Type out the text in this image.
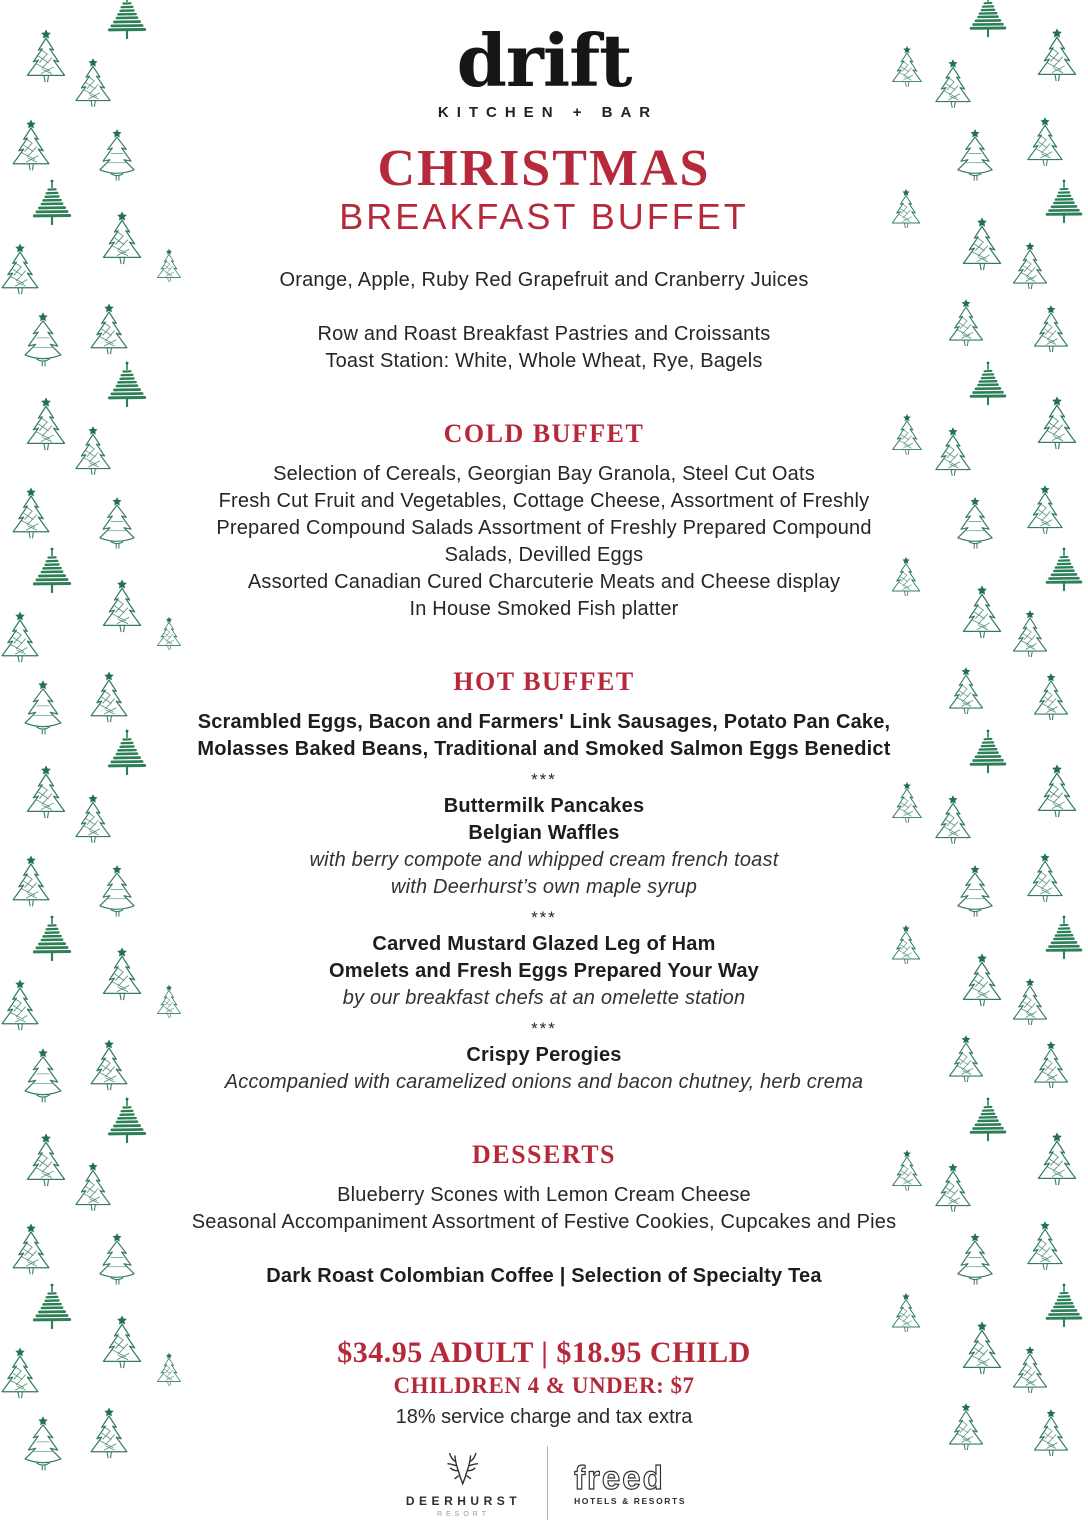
drift
KITCHEN + BAR
CHRISTMAS
BREAKFAST BUFFET
Orange, Apple, Ruby Red Grapefruit and Cranberry Juices
Row and Roast Breakfast Pastries and Croissants
Toast Station: White, Whole Wheat, Rye, Bagels
COLD BUFFET
Selection of Cereals, Georgian Bay Granola, Steel Cut Oats
Fresh Cut Fruit and Vegetables, Cottage Cheese, Assortment of Freshly
Prepared Compound Salads Assortment of Freshly Prepared Compound
Salads, Devilled Eggs
Assorted Canadian Cured Charcuterie Meats and Cheese display
In House Smoked Fish platter
HOT BUFFET
Scrambled Eggs, Bacon and Farmers' Link Sausages, Potato Pan Cake,
Molasses Baked Beans, Traditional and Smoked Salmon Eggs Benedict
***
Buttermilk Pancakes
Belgian Waffles
with berry compote and whipped cream french toast
with Deerhurst’s own maple syrup
***
Carved Mustard Glazed Leg of Ham
Omelets and Fresh Eggs Prepared Your Way
by our breakfast chefs at an omelette station
***
Crispy Perogies
Accompanied with caramelized onions and bacon chutney, herb crema
DESSERTS
Blueberry Scones with Lemon Cream Cheese
Seasonal Accompaniment Assortment of Festive Cookies, Cupcakes and Pies
Dark Roast Colombian Coffee | Selection of Specialty Tea
$34.95 ADULT | $18.95 CHILD
CHILDREN 4 & UNDER: $7
18% service charge and tax extra
DEERHURST
RESORT
freed
HOTELS & RESORTS
